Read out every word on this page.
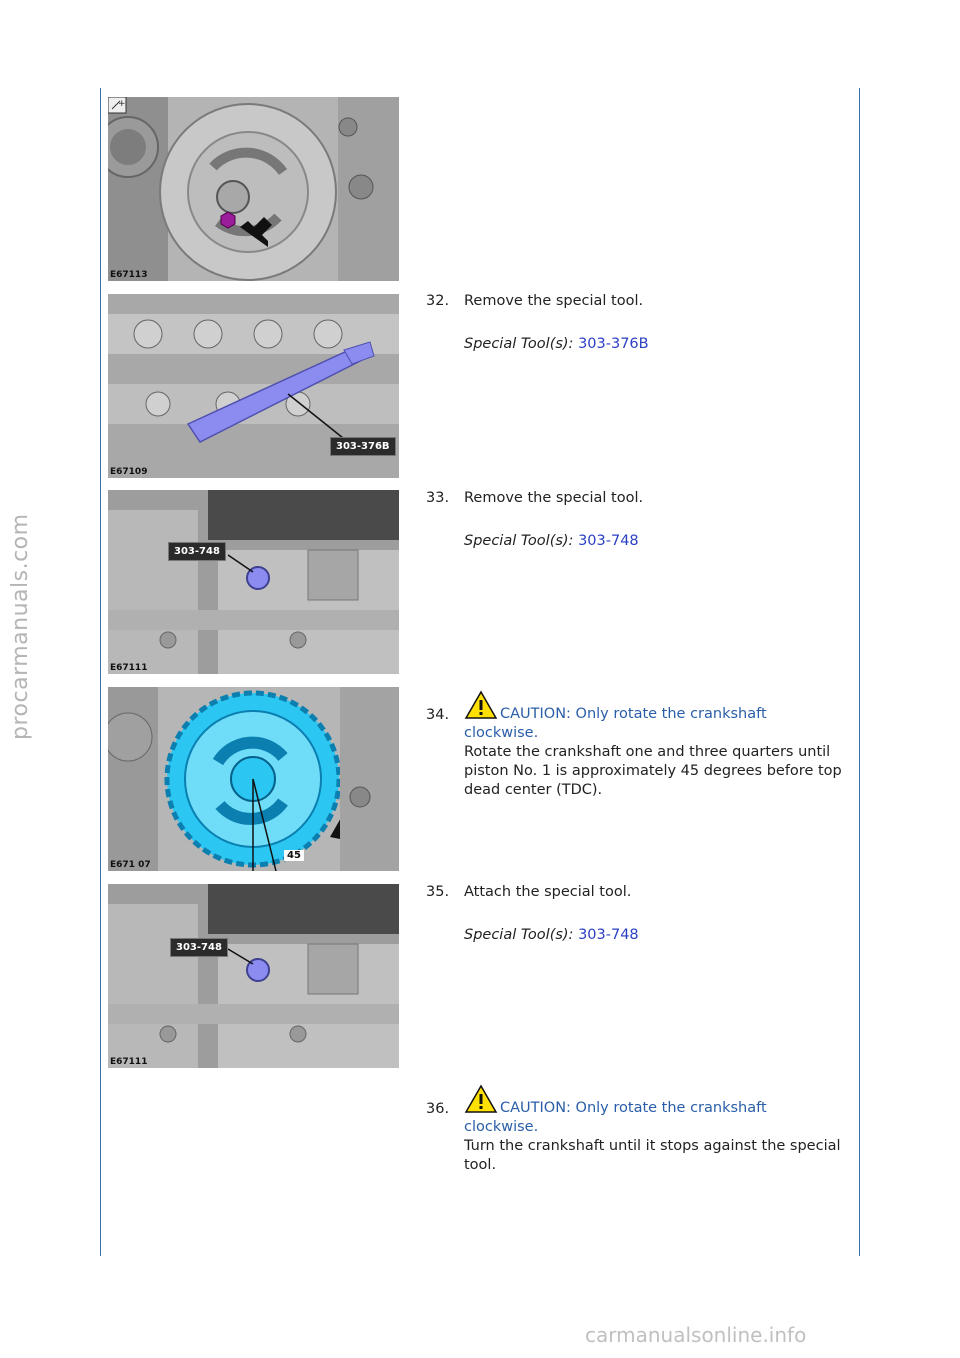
procarmanuals.com
carmanualsonline.info
+
E67113
303-376B
E67109
303-748
E67111
45
E671 07
303-748
E67111
32. Remove the special tool.
Special Tool(s): 303-376B
33. Remove the special tool.
Special Tool(s): 303-748
34.	CAUTION: Only rotate the crankshaft clockwise.
Rotate the crankshaft one and three quarters until piston No. 1 is approximately 45 degrees before top dead center (TDC).
35. Attach the special tool.
Special Tool(s): 303-748
36.	CAUTION: Only rotate the crankshaft clockwise.
Turn the crankshaft until it stops against the special tool.
